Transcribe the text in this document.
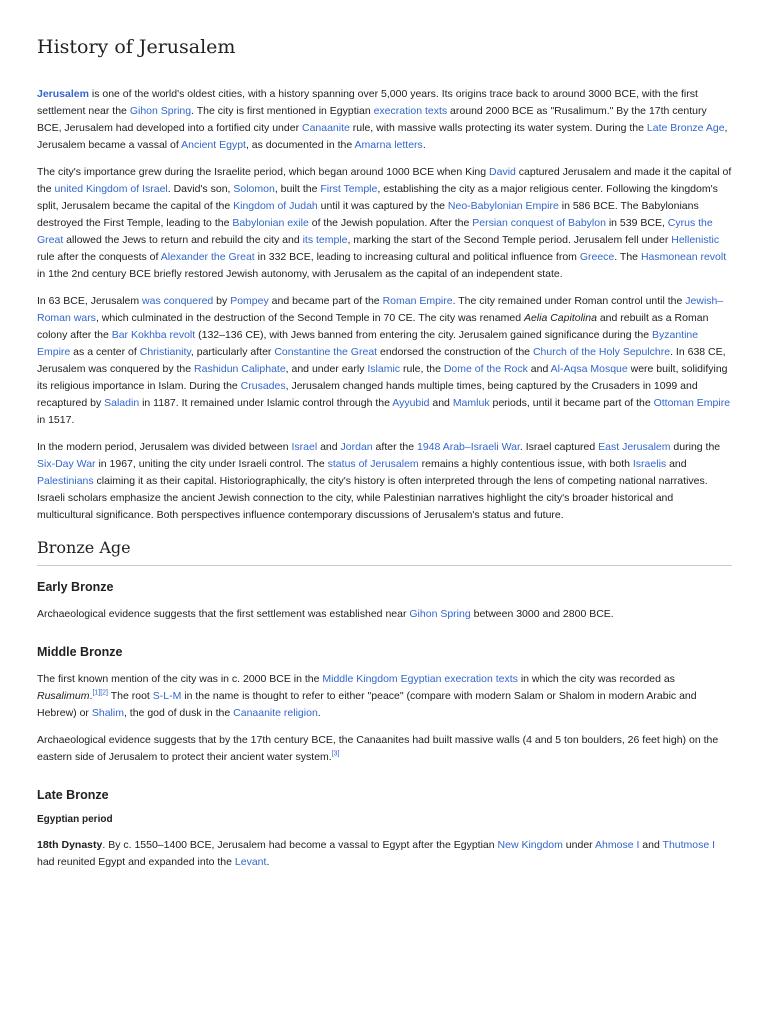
History of Jerusalem

Jerusalem is one of the world's oldest cities, with a history spanning over 5,000 years. Its origins trace back to around 3000 BCE, with the first settlement near the Gihon Spring. The city is first mentioned in Egyptian execration texts around 2000 BCE as "Rusalimum." By the 17th century BCE, Jerusalem had developed into a fortified city under Canaanite rule, with massive walls protecting its water system. During the Late Bronze Age, Jerusalem became a vassal of Ancient Egypt, as documented in the Amarna letters.

The city's importance grew during the Israelite period, which began around 1000 BCE when King David captured Jerusalem and made it the capital of the united Kingdom of Israel. David's son, Solomon, built the First Temple, establishing the city as a major religious center. Following the kingdom's split, Jerusalem became the capital of the Kingdom of Judah until it was captured by the Neo-Babylonian Empire in 586 BCE. The Babylonians destroyed the First Temple, leading to the Babylonian exile of the Jewish population. After the Persian conquest of Babylon in 539 BCE, Cyrus the Great allowed the Jews to return and rebuild the city and its temple, marking the start of the Second Temple period. Jerusalem fell under Hellenistic rule after the conquests of Alexander the Great in 332 BCE, leading to increasing cultural and political influence from Greece. The Hasmonean revolt in 1the 2nd century BCE briefly restored Jewish autonomy, with Jerusalem as the capital of an independent state.

In 63 BCE, Jerusalem was conquered by Pompey and became part of the Roman Empire. The city remained under Roman control until the Jewish–Roman wars, which culminated in the destruction of the Second Temple in 70 CE. The city was renamed Aelia Capitolina and rebuilt as a Roman colony after the Bar Kokhba revolt (132–136 CE), with Jews banned from entering the city. Jerusalem gained significance during the Byzantine Empire as a center of Christianity, particularly after Constantine the Great endorsed the construction of the Church of the Holy Sepulchre. In 638 CE, Jerusalem was conquered by the Rashidun Caliphate, and under early Islamic rule, the Dome of the Rock and Al-Aqsa Mosque were built, solidifying its religious importance in Islam. During the Crusades, Jerusalem changed hands multiple times, being captured by the Crusaders in 1099 and recaptured by Saladin in 1187. It remained under Islamic control through the Ayyubid and Mamluk periods, until it became part of the Ottoman Empire in 1517.

In the modern period, Jerusalem was divided between Israel and Jordan after the 1948 Arab–Israeli War. Israel captured East Jerusalem during the Six-Day War in 1967, uniting the city under Israeli control. The status of Jerusalem remains a highly contentious issue, with both Israelis and Palestinians claiming it as their capital. Historiographically, the city's history is often interpreted through the lens of competing national narratives. Israeli scholars emphasize the ancient Jewish connection to the city, while Palestinian narratives highlight the city's broader historical and multicultural significance. Both perspectives influence contemporary discussions of Jerusalem's status and future.

Bronze Age
Early Bronze

Archaeological evidence suggests that the first settlement was established near Gihon Spring between 3000 and 2800 BCE.

Middle Bronze

The first known mention of the city was in c. 2000 BCE in the Middle Kingdom Egyptian execration texts in which the city was recorded as Rusalimum.[1][2] The root S-L-M in the name is thought to refer to either "peace" (compare with modern Salam or Shalom in modern Arabic and Hebrew) or Shalim, the god of dusk in the Canaanite religion.

Archaeological evidence suggests that by the 17th century BCE, the Canaanites had built massive walls (4 and 5 ton boulders, 26 feet high) on the eastern side of Jerusalem to protect their ancient water system.[3]

Late Bronze
Egyptian period

18th Dynasty. By c. 1550–1400 BCE, Jerusalem had become a vassal to Egypt after the Egyptian New Kingdom under Ahmose I and Thutmose I had reunited Egypt and expanded into the Levant.
